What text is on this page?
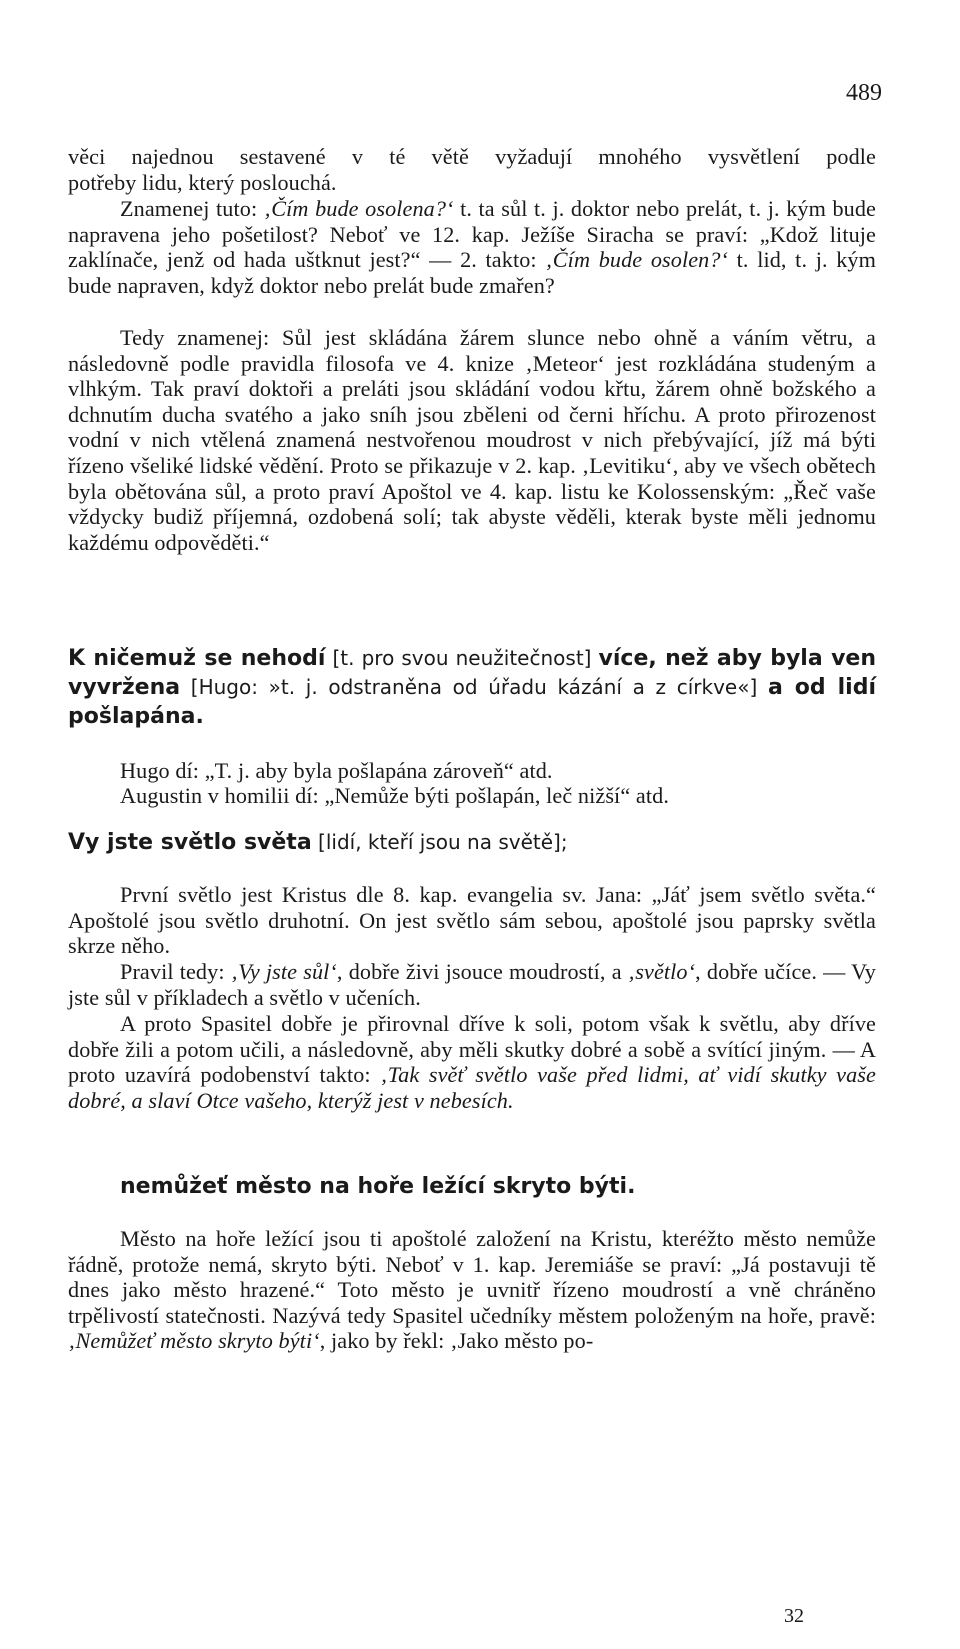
489

věci najednou sestavené v té větě vyžadují mnohého vysvětlení podle

potřeby lidu, který poslouchá.

Znamenej tuto: ‚Čím bude osolena?‘ t. ta sůl t. j. doktor nebo prelát, t. j. kým bude napravena jeho pošetilost? Neboť ve 12. kap. Ježíše Siracha se praví: „Kdož lituje zaklínače, jenž od hada uštknut jest?“ — 2. takto: ‚Čím bude osolen?‘ t. lid, t. j. kým bude napraven, když doktor nebo prelát bude zmařen?

Tedy znamenej: Sůl jest skládána žárem slunce nebo ohně a váním větru, a následovně podle pravidla filosofa ve 4. knize ‚Meteor‘ jest rozkládána studeným a vlhkým. Tak praví doktoři a preláti jsou skládání vodou křtu, žárem ohně božského a dchnutím ducha svatého a jako sníh jsou zběleni od černi hříchu. A proto přirozenost vodní v nich vtělená znamená nestvořenou moudrost v nich přebývající, jíž má býti řízeno všeliké lidské vědění. Proto se přikazuje v 2. kap. ‚Levitiku‘, aby ve všech obětech byla obětována sůl, a proto praví Apoštol ve 4. kap. listu ke Kolossenským: „Řeč vaše vždycky budiž příjemná, ozdobená solí; tak abyste věděli, kterak byste měli jednomu každému odpověděti.“

K ničemuž se nehodí [t. pro svou neužitečnost] více, než aby byla ven vyvržena [Hugo: »t. j. odstraněna od úřadu kázání a z církve«] a od lidí pošlapána.

Hugo dí: „T. j. aby byla pošlapána zároveň“ atd.

Augustin v homilii dí: „Nemůže býti pošlapán, leč nižší“ atd.

Vy jste světlo světa [lidí, kteří jsou na světě];

První světlo jest Kristus dle 8. kap. evangelia sv. Jana: „Jáť jsem světlo světa.“ Apoštolé jsou světlo druhotní. On jest světlo sám sebou, apoštolé jsou paprsky světla skrze něho.

Pravil tedy: ‚Vy jste sůl‘, dobře živi jsouce moudrostí, a ‚světlo‘, dobře učíce. — Vy jste sůl v příkladech a světlo v učeních.

A proto Spasitel dobře je přirovnal dříve k soli, potom však k světlu, aby dříve dobře žili a potom učili, a následovně, aby měli skutky dobré a sobě a svítící jiným. — A proto uzavírá podobenství takto: ‚Tak svěť světlo vaše před lidmi, ať vidí skutky vaše dobré, a slaví Otce vašeho, kterýž jest v nebesích.

nemůžeť město na hoře ležící skryto býti.

Město na hoře ležící jsou ti apoštolé založení na Kristu, kteréžto město nemůže řádně, protože nemá, skryto býti. Neboť v 1. kap. Jeremiáše se praví: „Já postavuji tě dnes jako město hrazené.“ Toto město je uvnitř řízeno moudrostí a vně chráněno trpělivostí statečnosti. Nazývá tedy Spasitel učedníky městem položeným na hoře, pravě: ‚Nemůžeť město skryto býti‘, jako by řekl: ‚Jako město po-

32
